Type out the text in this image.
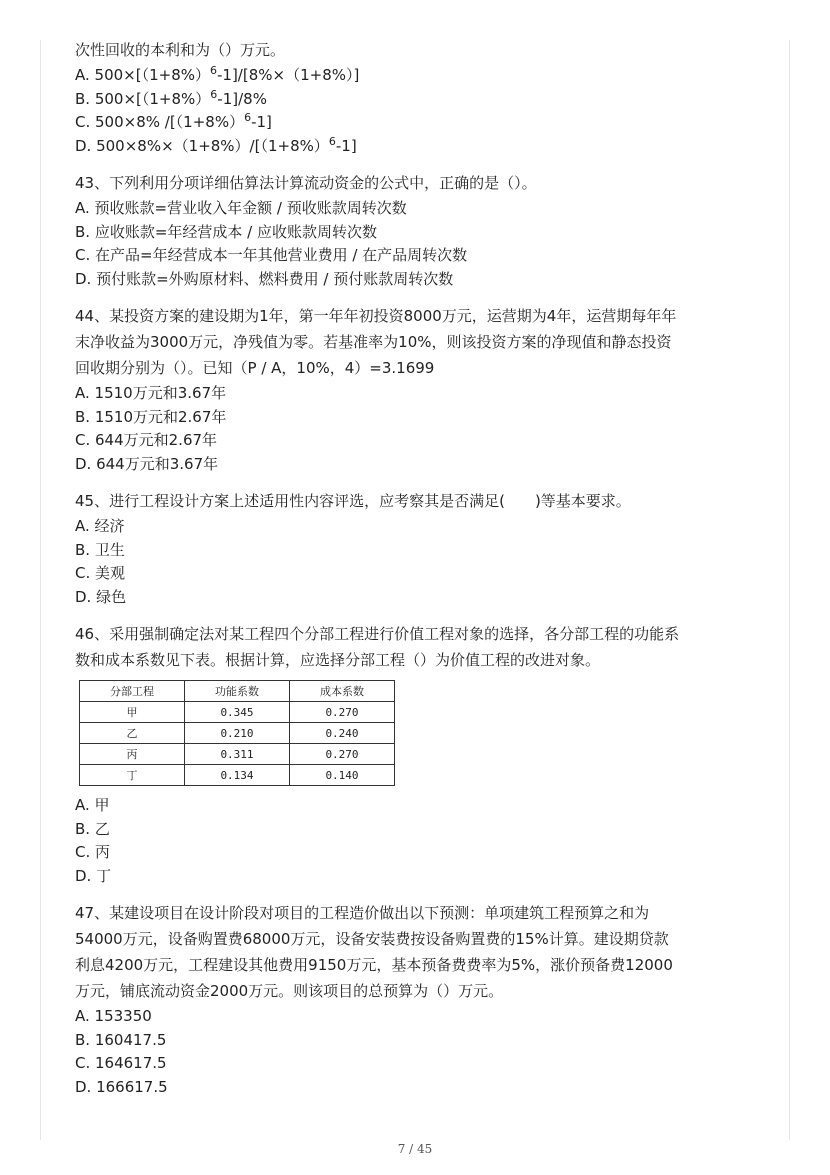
次性回收的本利和为（）万元。
A. $500\times[(1+8\%)^6-1]/[8\%\times(1+8\%)]$
B. $500\times[(1+8\%)^6-1]/8\%$
C. 500×8% $/[(1+8\%)^6-1]$
D. $500\times 8\%\times(1+8\%)/[(1+8\%)^6-1]$
43、下列利用分项详细估算法计算流动资金的公式中，正确的是（）。
A. 预收账款=营业收入年金额 / 预收账款周转次数
B. 应收账款=年经营成本 / 应收账款周转次数
C. 在产品=年经营成本一年其他营业费用 / 在产品周转次数
D. 预付账款=外购原材料、燃料费用 / 预付账款周转次数
44、某投资方案的建设期为1年，第一年年初投资8000万元，运营期为4年，运营期每年年
末净收益为3000万元，净残值为零。若基准率为10%，则该投资方案的净现值和静态投资
回收期分别为（）。已知（P / A，10%，4）=3.1699
A. 1510万元和3.67年
B. 1510万元和2.67年
C. 644万元和2.67年
D. 644万元和3.67年
45、进行工程设计方案上述适用性内容评选，应考察其是否满足( )等基本要求。
A. 经济
B. 卫生
C. 美观
D. 绿色
46、采用强制确定法对某工程四个分部工程进行价值工程对象的选择，各分部工程的功能系
数和成本系数见下表。根据计算，应选择分部工程（）为价值工程的改进对象。
分部工程	功能系数	成本系数
甲	0.345	0.270
乙	0.210	0.240
丙	0.311	0.270
丁	0.134	0.140
A. 甲
B. 乙
C. 丙
D. 丁
47、某建设项目在设计阶段对项目的工程造价做出以下预测：单项建筑工程预算之和为
54000万元，设备购置费68000万元，设备安装费按设备购置费的15%计算。建设期贷款
利息4200万元，工程建设其他费用9150万元，基本预备费费率为5%，涨价预备费12000
万元，铺底流动资金2000万元。则该项目的总预算为（）万元。
A. 153350
B. 160417.5
C. 164617.5
D. 166617.5
7 / 45
